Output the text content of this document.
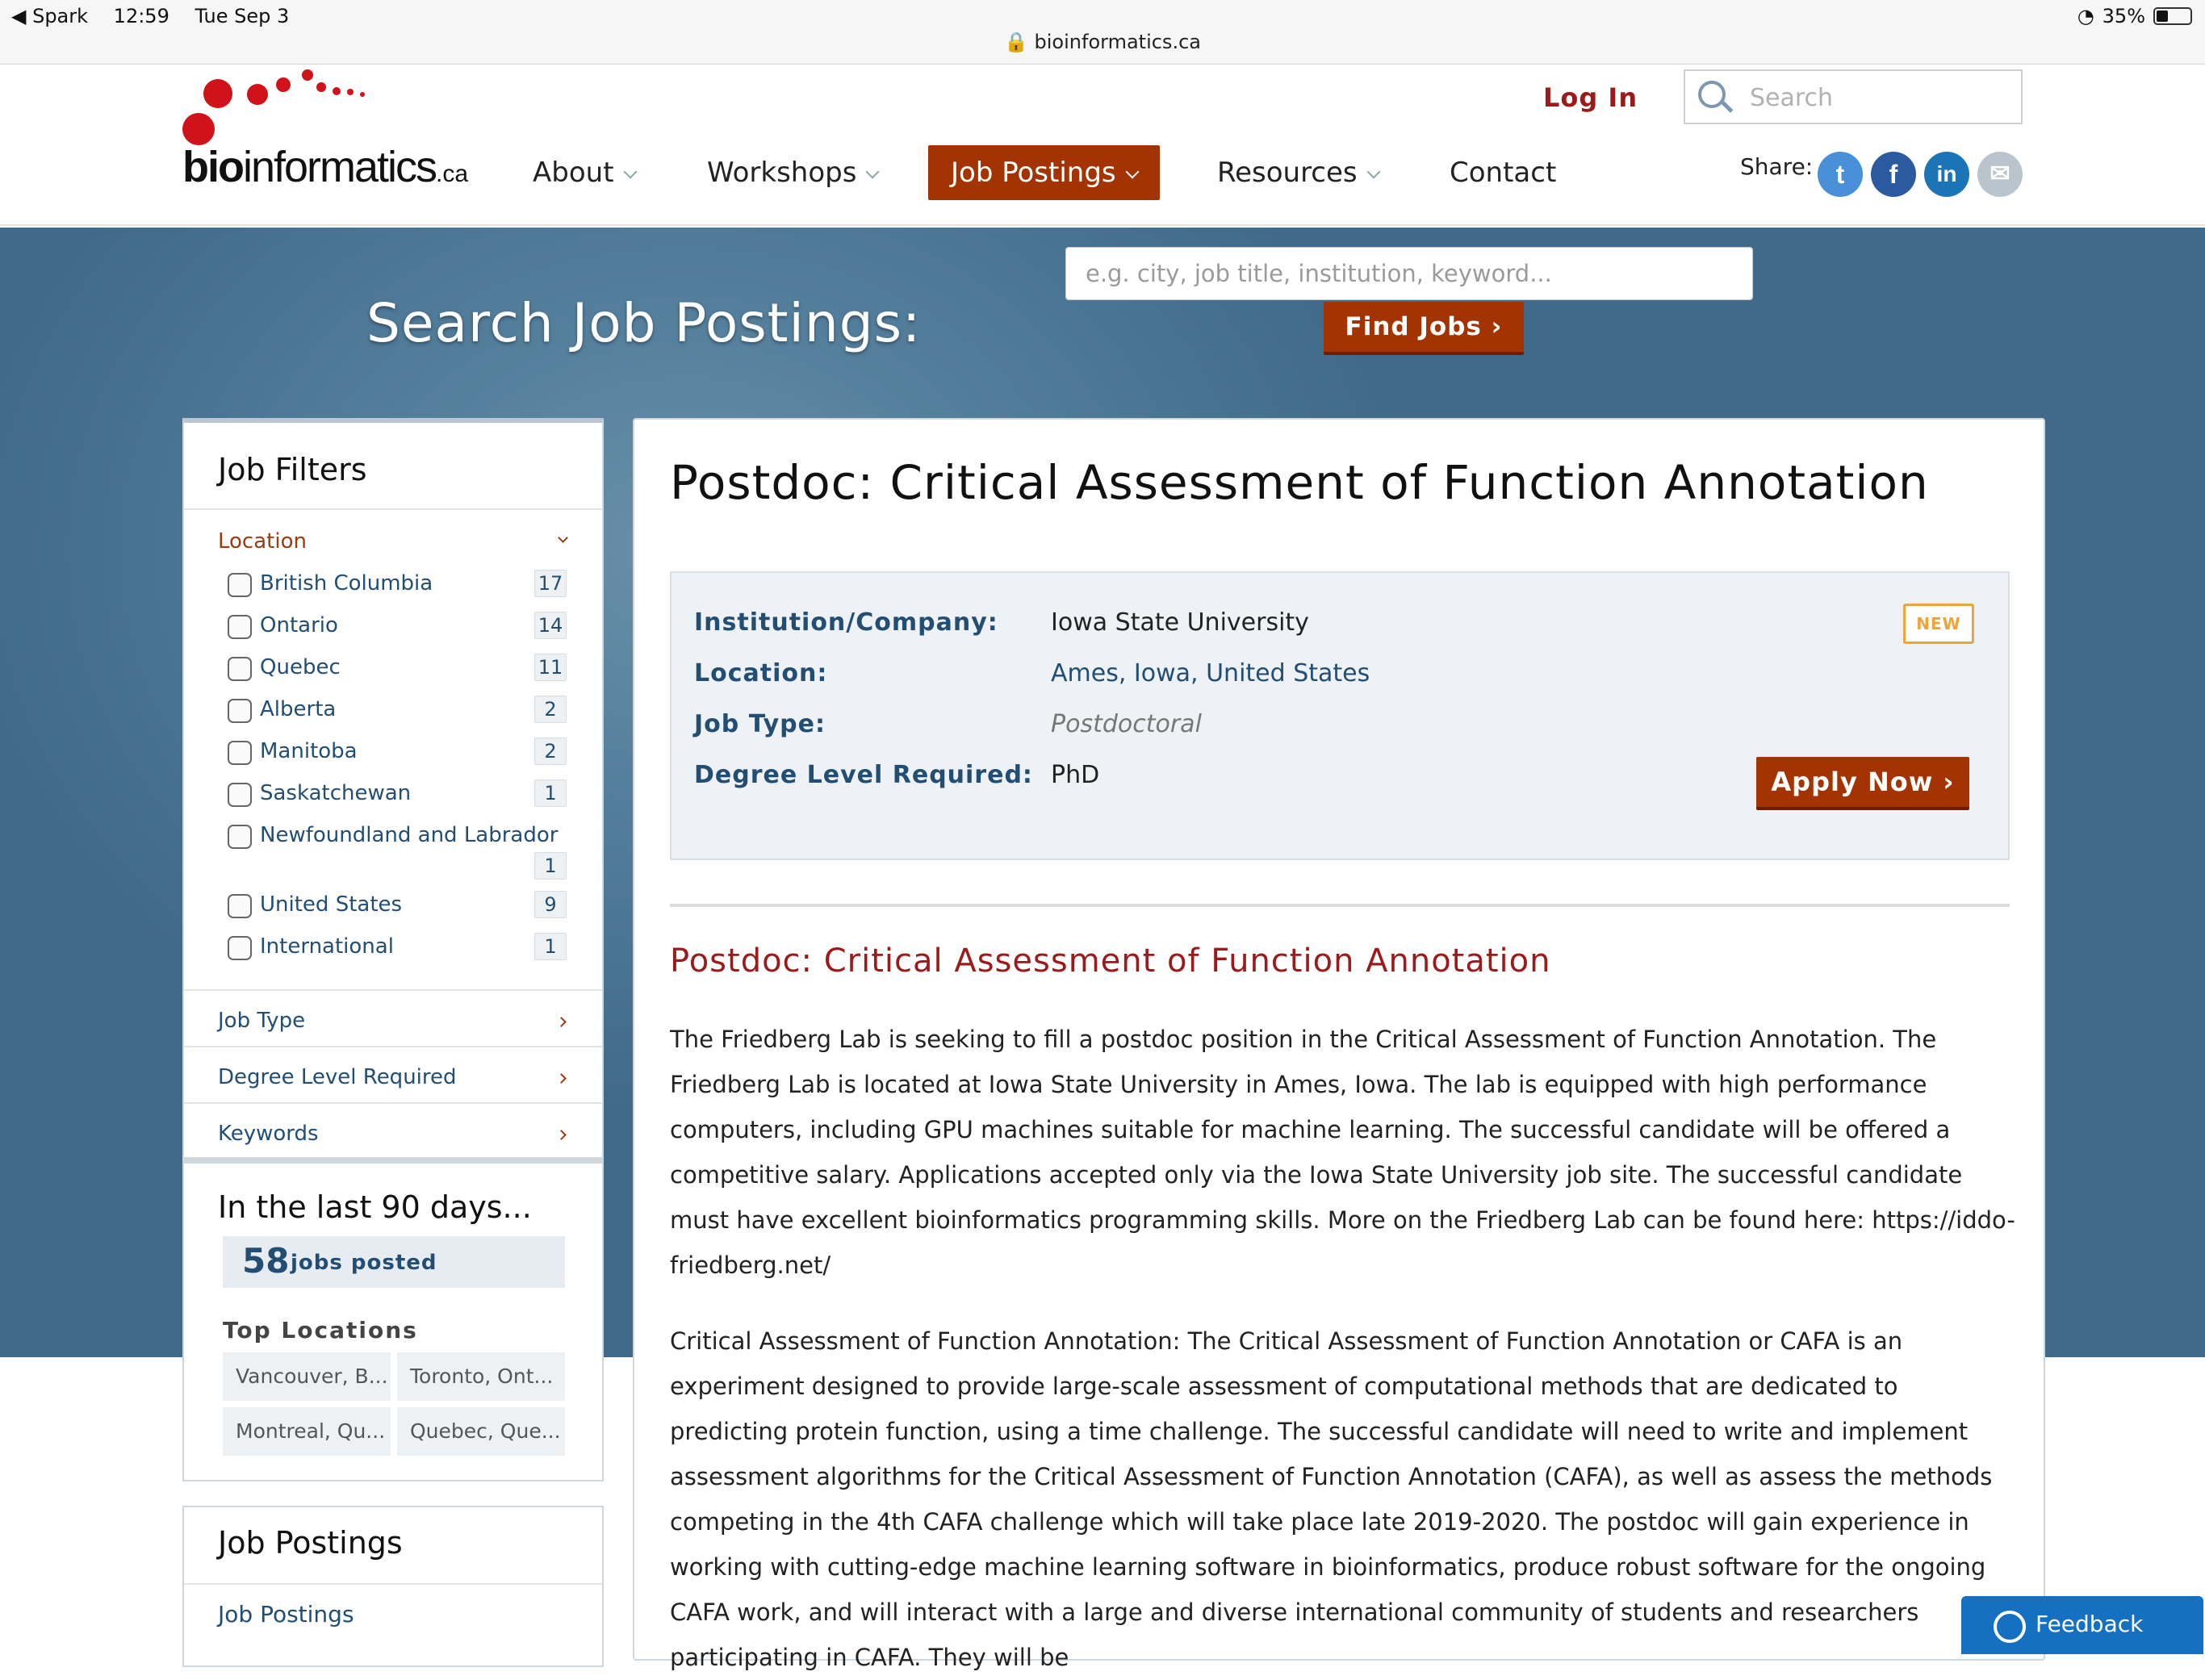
◀ Spark 12:59 Tue Sep 3
🔒 bioinformatics.ca
◔ 35%
bioinformatics.ca
Log In
Search
About	Workshops	Job Postings	Resources	Contact	Share: t	f	in	✉
Search Job Postings:
e.g. city, job title, institution, keyword...	Find Jobs ›
Job Filters
Location
British Columbia	17
Ontario	14
Quebec	11
Alberta	2
Manitoba	2
Saskatchewan	1
Newfoundland and Labrador
1
United States	9
International	1
Job Type
Degree Level Required
Keywords
In the last 90 days...
58 jobs posted
Top Locations
Vancouver, B...	Toronto, Ont...
Montreal, Qu...	Quebec, Que...
Job Postings
Job Postings
Postdoc: Critical Assessment of Function Annotation
Institution/Company: Iowa State University
Location:	Ames, Iowa, United States
Job Type:	Postdoctoral
Degree Level Required: PhD
NEW
Apply Now ›
Postdoc: Critical Assessment of Function Annotation
The Friedberg Lab is seeking to fill a postdoc position in the Critical Assessment of Function Annotation. The Friedberg Lab is located at Iowa State University in Ames, Iowa. The lab is equipped with high performance computers, including GPU machines suitable for machine learning. The successful candidate will be offered a competitive salary. Applications accepted only via the Iowa State University job site. The successful candidate must have excellent bioinformatics programming skills. More on the Friedberg Lab can be found here: https://iddo-friedberg.net/
Critical Assessment of Function Annotation: The Critical Assessment of Function Annotation or CAFA is an experiment designed to provide large-scale assessment of computational methods that are dedicated to predicting protein function, using a time challenge. The successful candidate will need to write and implement assessment algorithms for the Critical Assessment of Function Annotation (CAFA), as well as assess the methods competing in the 4th CAFA challenge which will take place late 2019-2020. The postdoc will gain experience in working with cutting-edge machine learning software in bioinformatics, produce robust software for the ongoing CAFA work, and will interact with a large and diverse international community of students and researchers participating in CAFA. They will be
Feedback
